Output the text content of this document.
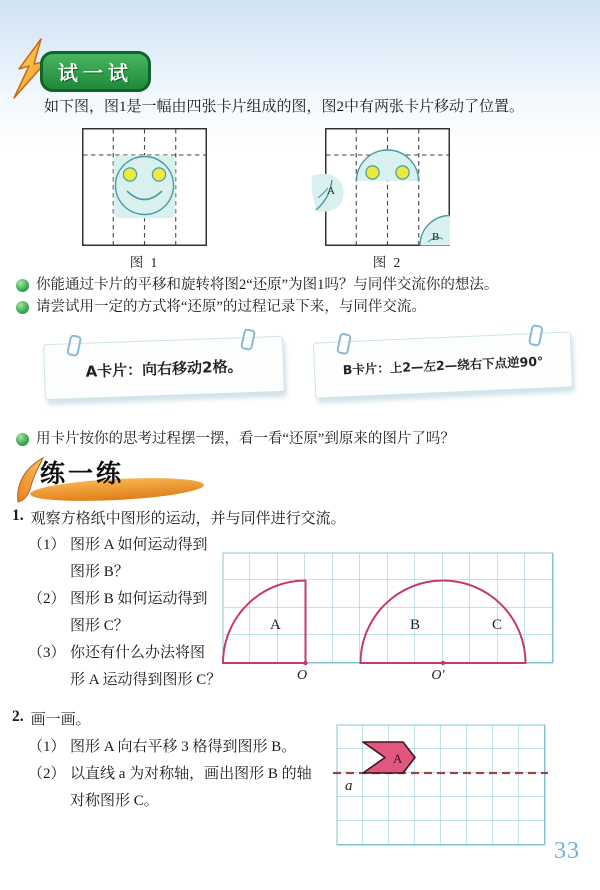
试一试

如下图，图1是一幅由四张卡片组成的图，图2中有两张卡片移动了位置。

图 1
A
B
图 2
你能通过卡片的平移和旋转将图2“还原”为图1吗？与同伴交流你的想法。
请尝试用一定的方式将“还原”的过程记录下来，与同伴交流。
A卡片：向右移动2格。	B卡片：上2—左2—绕右下点逆90°
用卡片按你的思考过程摆一摆，看一看“还原”到原来的图片了吗？
练一练
1. 观察方格纸中图形的运动，并与同伴进行交流。
（1） 图形 A 如何运动得到
图形 B？
（2） 图形 B 如何运动得到
图形 C？
（3） 你还有什么办法将图
形 A 运动得到图形 C？
A	B	C
O	O′
2. 画一画。
（1） 图形 A 向右平移 3 格得到图形 B。
（2） 以直线 a 为对称轴，画出图形 B 的轴
对称图形 C。
A
a
33
